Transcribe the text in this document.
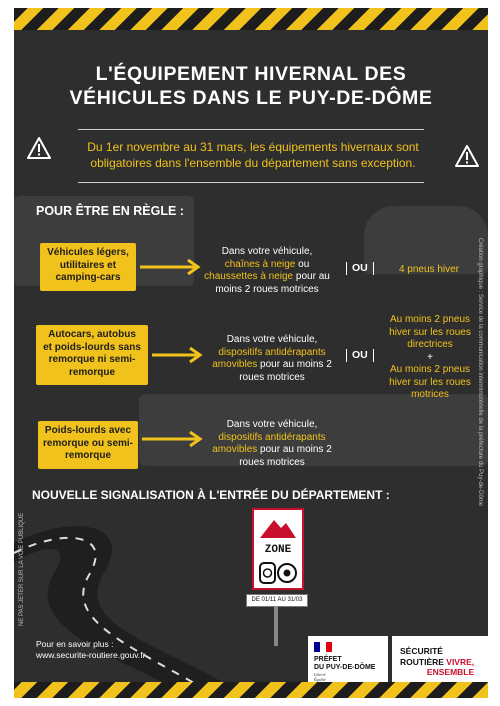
L'ÉQUIPEMENT HIVERNAL DES
VÉHICULES DANS LE PUY-DE-DÔME
Du 1er novembre au 31 mars, les équipements hivernaux sont
obligatoires dans l'ensemble du département sans exception.
POUR ÊTRE EN RÈGLE :
Véhicules légers,
utilitaires et
camping-cars
Dans votre véhicule,
chaînes à neige ou
chaussettes à neige pour au
moins 2 roues motrices
OU	4 pneus hiver
Autocars, autobus
et poids-lourds sans
remorque ni semi-
remorque
Dans votre véhicule,
dispositifs antidérapants
amovibles pour au moins 2
roues motrices
OU
Au moins 2 pneus
hiver sur les roues
directrices
+
Au moins 2 pneus
hiver sur les roues
motrices
Poids-lourds avec
remorque ou semi-
remorque
Dans votre véhicule,
dispositifs antidérapants
amovibles pour au moins 2
roues motrices
NOUVELLE SIGNALISATION À L'ENTRÉE DU DÉPARTEMENT :
ZONE
DE 01/11 AU 31/03
NE PAS JETER SUR LA VOIE PUBLIQUE
Création graphique : Service de la communication interministérielle de la préfecture du Puy-de-Dôme
Pour en savoir plus :
www.securite-routiere.gouv.fr	PRÉFET
DU PUY-DE-DÔME
Liberté
Égalité
SÉCURITÉ
ROUTIÈRE VIVRE,
ENSEMBLE
